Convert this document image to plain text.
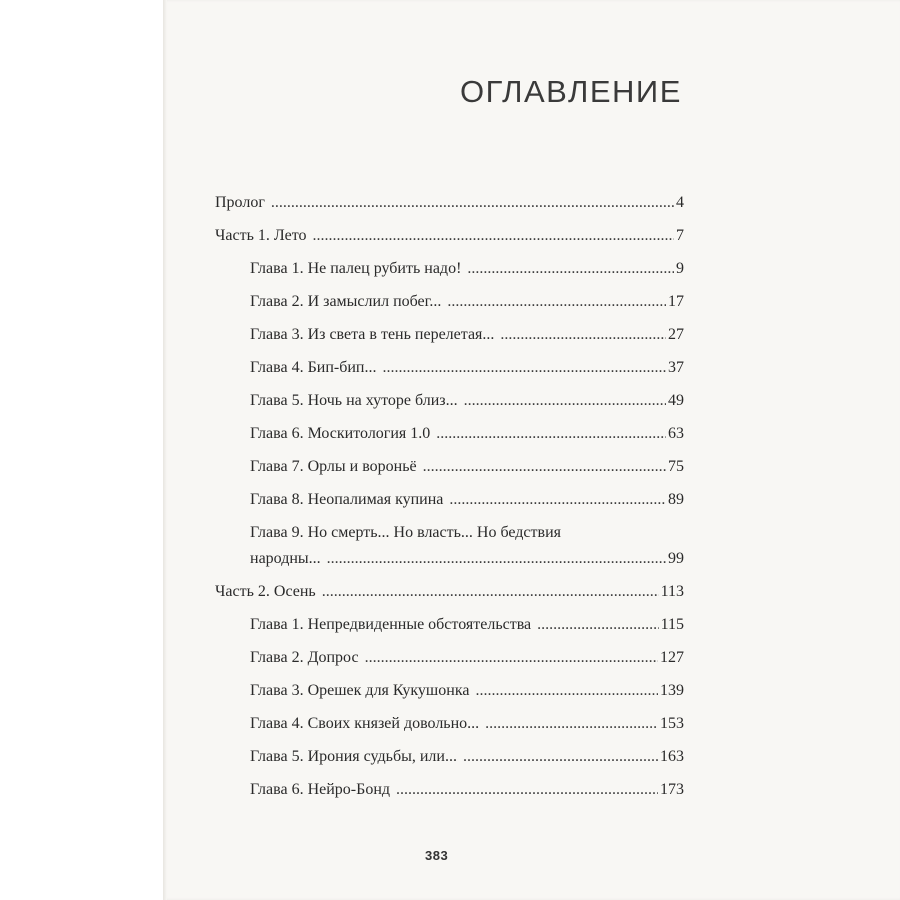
ОГЛАВЛЕНИЕ
Пролог .....	4
Часть 1. Лето .....	7
Глава 1. Не палец рубить надо! .....	9
Глава 2. И замыслил побег... .....	17
Глава 3. Из света в тень перелетая... .....	27
Глава 4. Бип-бип... .....	37
Глава 5. Ночь на хуторе близ... .....	49
Глава 6. Москитология 1.0 .....	63
Глава 7. Орлы и вороньё .....	75
Глава 8. Неопалимая купина .....	89
Глава 9. Но смерть... Но власть... Но бедствия
народны... .....	99
Часть 2. Осень .....	113
Глава 1. Непредвиденные обстоятельства .....	115
Глава 2. Допрос .....	127
Глава 3. Орешек для Кукушонка .....	139
Глава 4. Своих князей довольно... .....	153
Глава 5. Ирония судьбы, или... .....	163
Глава 6. Нейро-Бонд .....	173
383
